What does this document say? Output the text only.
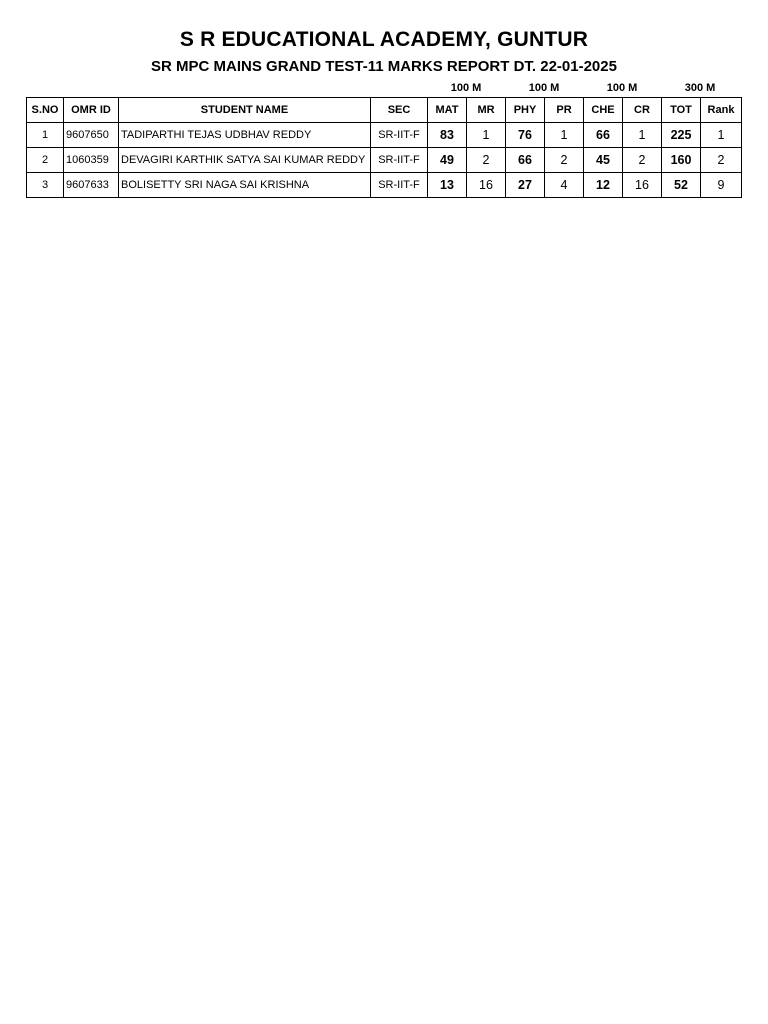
S R EDUCATIONAL ACADEMY, GUNTUR
SR MPC MAINS GRAND TEST-11 MARKS REPORT DT. 22-01-2025
100 M	100 M	100 M	300 M
S.NO	OMR ID	STUDENT NAME	SEC	MAT	MR	PHY	PR	CHE	CR	TOT	Rank
1	9607650	TADIPARTHI TEJAS UDBHAV REDDY	SR-IIT-F	83	1	76	1	66	1	225	1
2	1060359	DEVAGIRI KARTHIK SATYA SAI KUMAR REDDY	SR-IIT-F	49	2	66	2	45	2	160	2
3	9607633	BOLISETTY SRI NAGA SAI KRISHNA	SR-IIT-F	13	16	27	4	12	16	52	9
